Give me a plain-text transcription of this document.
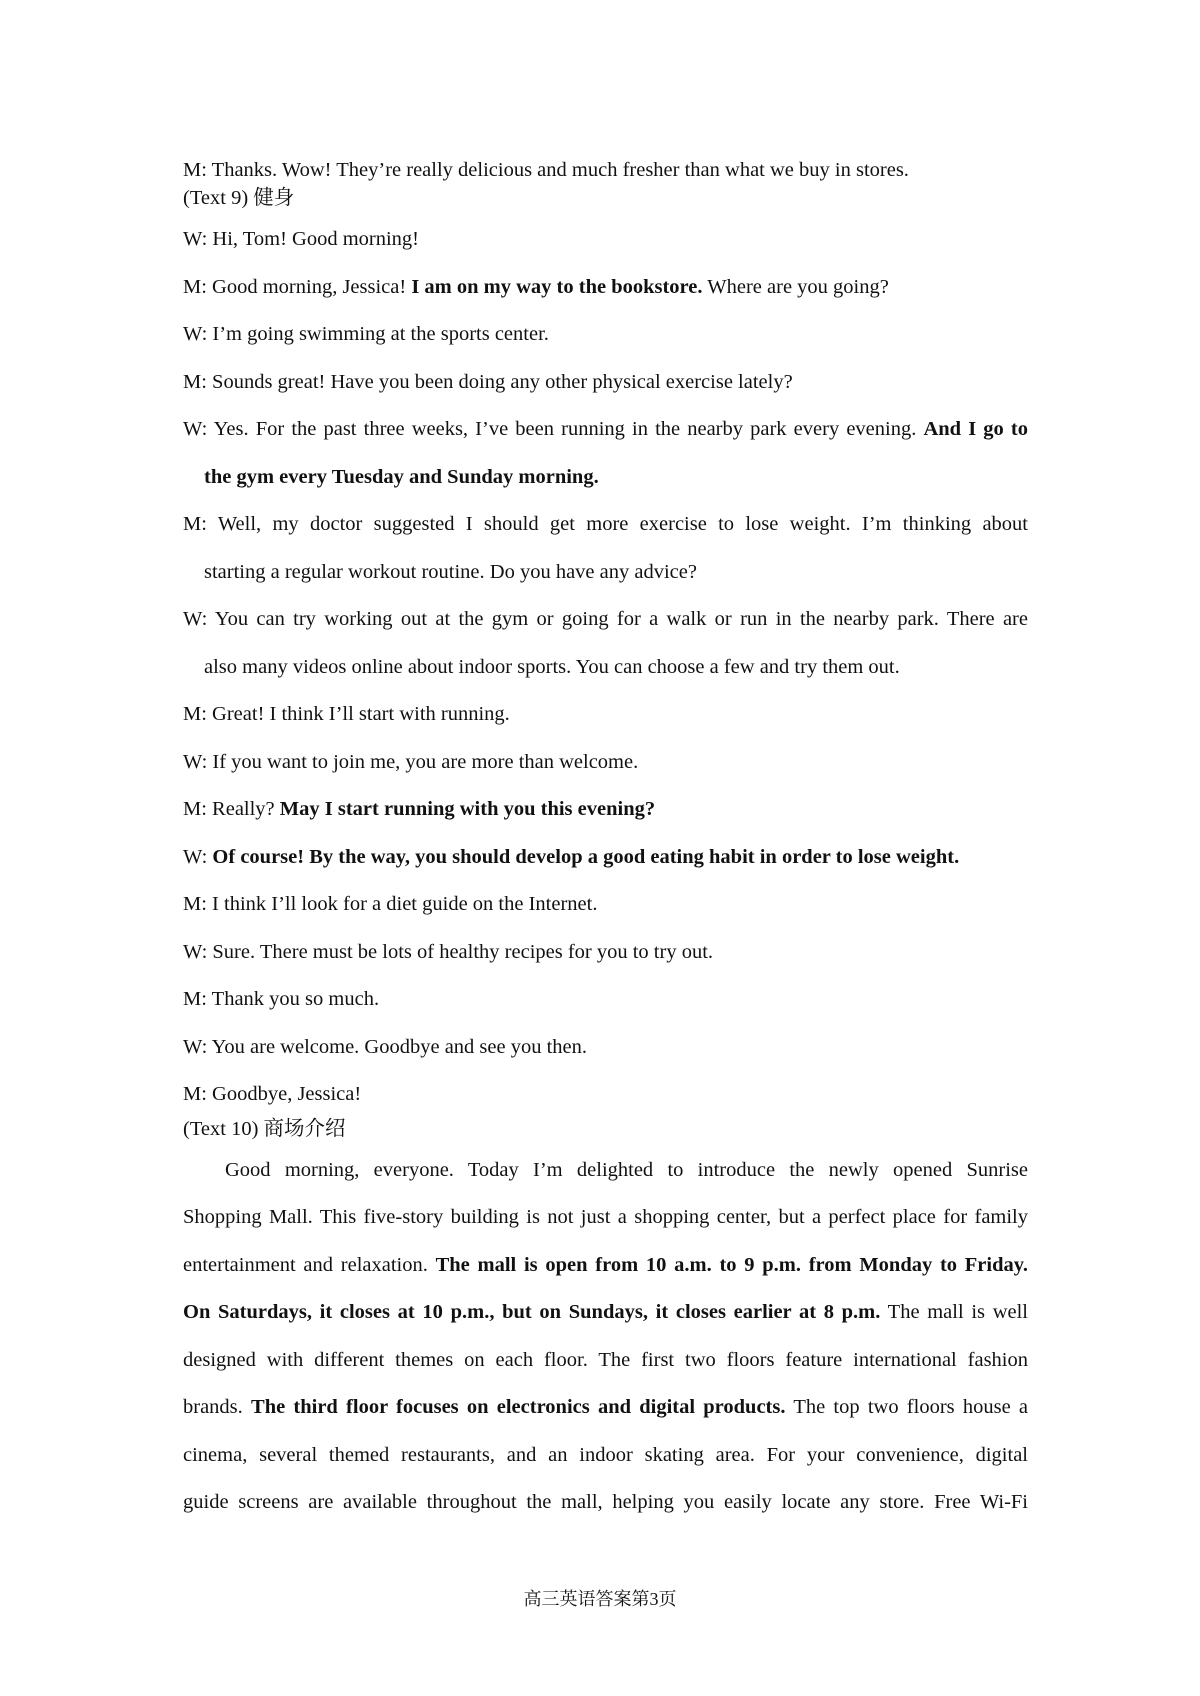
M: Thanks. Wow! They’re really delicious and much fresher than what we buy in stores.

(Text 9) 健身

W: Hi, Tom! Good morning!

M: Good morning, Jessica! I am on my way to the bookstore. Where are you going?

W: I’m going swimming at the sports center.

M: Sounds great! Have you been doing any other physical exercise lately?

W: Yes. For the past three weeks, I’ve been running in the nearby park every evening. And I go to

the gym every Tuesday and Sunday morning.

M: Well, my doctor suggested I should get more exercise to lose weight. I’m thinking about

starting a regular workout routine. Do you have any advice?

W: You can try working out at the gym or going for a walk or run in the nearby park. There are

also many videos online about indoor sports. You can choose a few and try them out.

M: Great! I think I’ll start with running.

W: If you want to join me, you are more than welcome.

M: Really? May I start running with you this evening?

W: Of course! By the way, you should develop a good eating habit in order to lose weight.

M: I think I’ll look for a diet guide on the Internet.

W: Sure. There must be lots of healthy recipes for you to try out.

M: Thank you so much.

W: You are welcome. Goodbye and see you then.

M: Goodbye, Jessica!

(Text 10) 商场介绍

Good morning, everyone. Today I’m delighted to introduce the newly opened Sunrise

Shopping Mall. This five-story building is not just a shopping center, but a perfect place for family

entertainment and relaxation. The mall is open from 10 a.m. to 9 p.m. from Monday to Friday.

On Saturdays, it closes at 10 p.m., but on Sundays, it closes earlier at 8 p.m. The mall is well

designed with different themes on each floor. The first two floors feature international fashion

brands. The third floor focuses on electronics and digital products. The top two floors house a

cinema, several themed restaurants, and an indoor skating area. For your convenience, digital

guide screens are available throughout the mall, helping you easily locate any store. Free Wi-Fi

高三英语答案第3页
